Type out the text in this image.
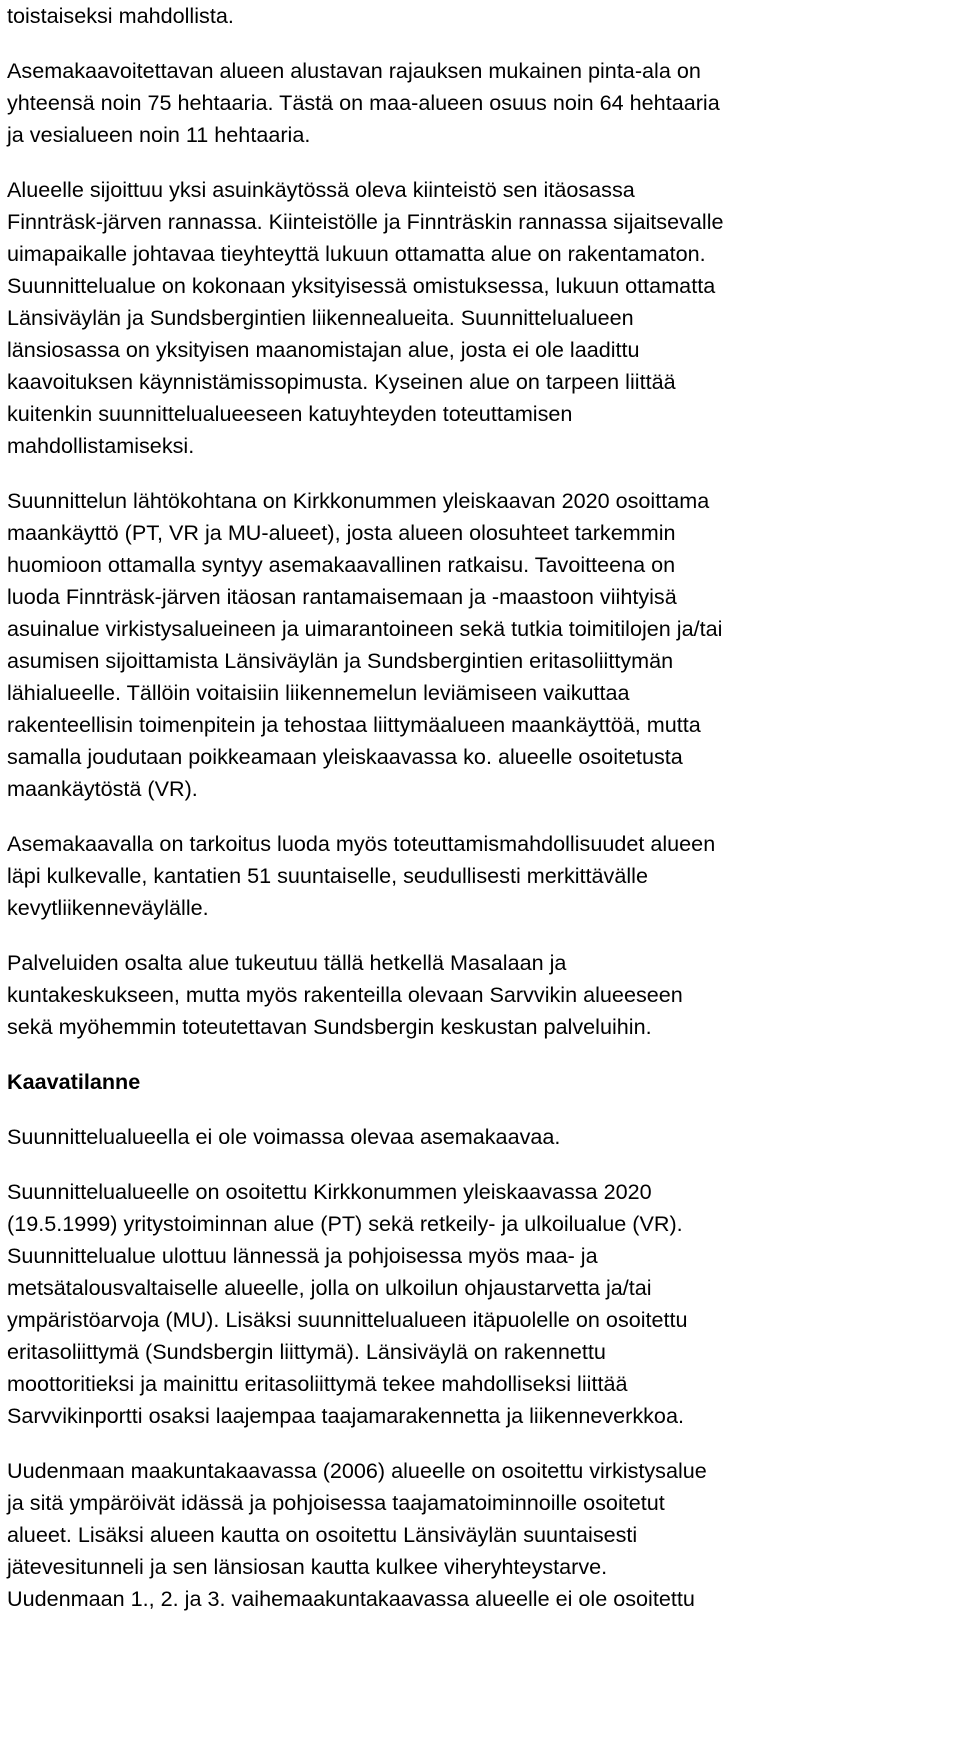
toistaiseksi mahdollista.
Asemakaavoitettavan alueen alustavan rajauksen mukainen pinta-ala on
yhteensä noin 75 hehtaaria. Tästä on maa-alueen osuus noin 64 hehtaaria
ja vesialueen noin 11 hehtaaria.
Alueelle sijoittuu yksi asuinkäytössä oleva kiinteistö sen itäosassa
Finnträsk-järven rannassa. Kiinteistölle ja Finnträskin rannassa sijaitsevalle
uimapaikalle johtavaa tieyhteyttä lukuun ottamatta alue on rakentamaton.
Suunnittelualue on kokonaan yksityisessä omistuksessa, lukuun ottamatta
Länsiväylän ja Sundsbergintien liikennealueita. Suunnittelualueen
länsiosassa on yksityisen maanomistajan alue, josta ei ole laadittu
kaavoituksen käynnistämissopimusta. Kyseinen alue on tarpeen liittää
kuitenkin suunnittelualueeseen katuyhteyden toteuttamisen
mahdollistamiseksi.
Suunnittelun lähtökohtana on Kirkkonummen yleiskaavan 2020 osoittama
maankäyttö (PT, VR ja MU-alueet), josta alueen olosuhteet tarkemmin
huomioon ottamalla syntyy asemakaavallinen ratkaisu. Tavoitteena on
luoda Finnträsk-järven itäosan rantamaisemaan ja -maastoon viihtyisä
asuinalue virkistysalueineen ja uimarantoineen sekä tutkia toimitilojen ja/tai
asumisen sijoittamista Länsiväylän ja Sundsbergintien eritasoliittymän
lähialueelle. Tällöin voitaisiin liikennemelun leviämiseen vaikuttaa
rakenteellisin toimenpitein ja tehostaa liittymäalueen maankäyttöä, mutta
samalla joudutaan poikkeamaan yleiskaavassa ko. alueelle osoitetusta
maankäytöstä (VR).
Asemakaavalla on tarkoitus luoda myös toteuttamismahdollisuudet alueen
läpi kulkevalle, kantatien 51 suuntaiselle, seudullisesti merkittävälle
kevytliikenneväylälle.
Palveluiden osalta alue tukeutuu tällä hetkellä Masalaan ja
kuntakeskukseen, mutta myös rakenteilla olevaan Sarvvikin alueeseen
sekä myöhemmin toteutettavan Sundsbergin keskustan palveluihin.
Kaavatilanne
Suunnittelualueella ei ole voimassa olevaa asemakaavaa.
Suunnittelualueelle on osoitettu Kirkkonummen yleiskaavassa 2020
(19.5.1999) yritystoiminnan alue (PT) sekä retkeily- ja ulkoilualue (VR).
Suunnittelualue ulottuu lännessä ja pohjoisessa myös maa- ja
metsätalousvaltaiselle alueelle, jolla on ulkoilun ohjaustarvetta ja/tai
ympäristöarvoja (MU). Lisäksi suunnittelualueen itäpuolelle on osoitettu
eritasoliittymä (Sundsbergin liittymä). Länsiväylä on rakennettu
moottoritieksi ja mainittu eritasoliittymä tekee mahdolliseksi liittää
Sarvvikinportti osaksi laajempaa taajamarakennetta ja liikenneverkkoa.
Uudenmaan maakuntakaavassa (2006) alueelle on osoitettu virkistysalue
ja sitä ympäröivät idässä ja pohjoisessa taajamatoiminnoille osoitetut
alueet. Lisäksi alueen kautta on osoitettu Länsiväylän suuntaisesti
jätevesitunneli ja sen länsiosan kautta kulkee viheryhteystarve.
Uudenmaan 1., 2. ja 3. vaihemaakuntakaavassa alueelle ei ole osoitettu
